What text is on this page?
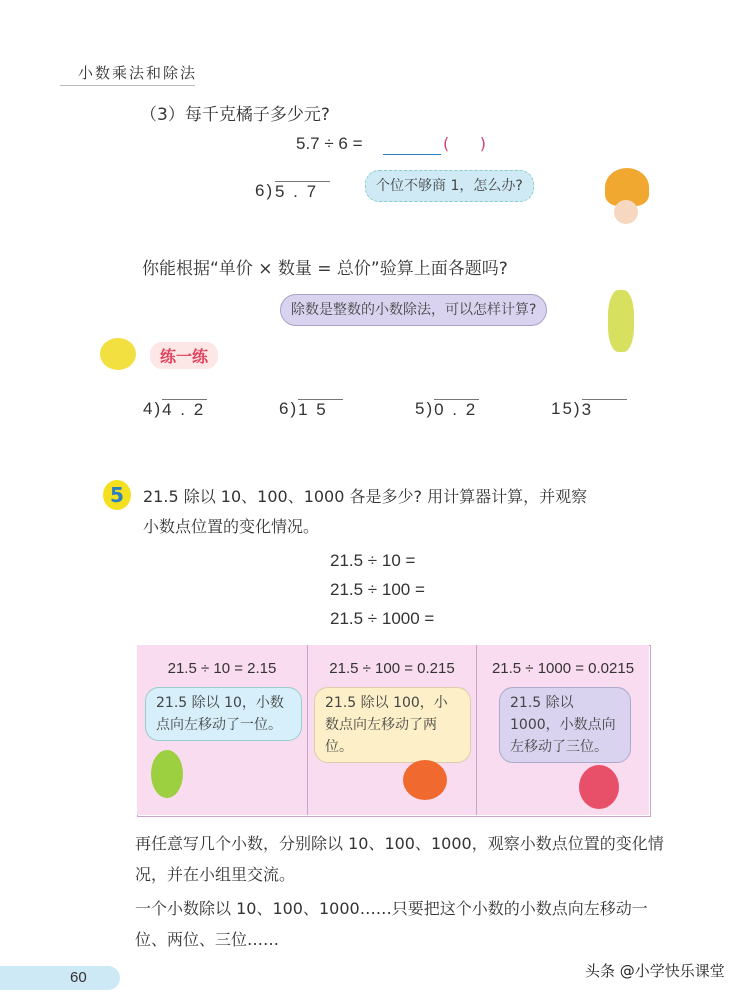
小数乘法和除法
（3）每千克橘子多少元?
5.7 ÷ 6 =	(      )
6) 5 . 7	个位不够商 1，怎么办?
你能根据“单价 × 数量 = 总价”验算上面各题吗?
除数是整数的小数除法，可以怎样计算?
练一练
4) 4 . 2	6) 1 5	5) 0 . 2	15) 3
5	21.5 除以 10、100、1000 各是多少? 用计算器计算，并观察
小数点位置的变化情况。
21.5 ÷ 10 =
21.5 ÷ 100 =
21.5 ÷ 1000 =
21.5 ÷ 10 = 2.15
21.5 除以 10，小数点向左移动了一位。
21.5 ÷ 100 = 0.215
21.5 除以 100，小数点向左移动了两位。
21.5 ÷ 1000 = 0.0215
21.5 除以 1000，小数点向左移动了三位。
再任意写几个小数，分别除以 10、100、1000，观察小数点位置的变化情况，并在小组里交流。
一个小数除以 10、100、1000……只要把这个小数的小数点向左移动一位、两位、三位……
60	头条 @小学快乐课堂
